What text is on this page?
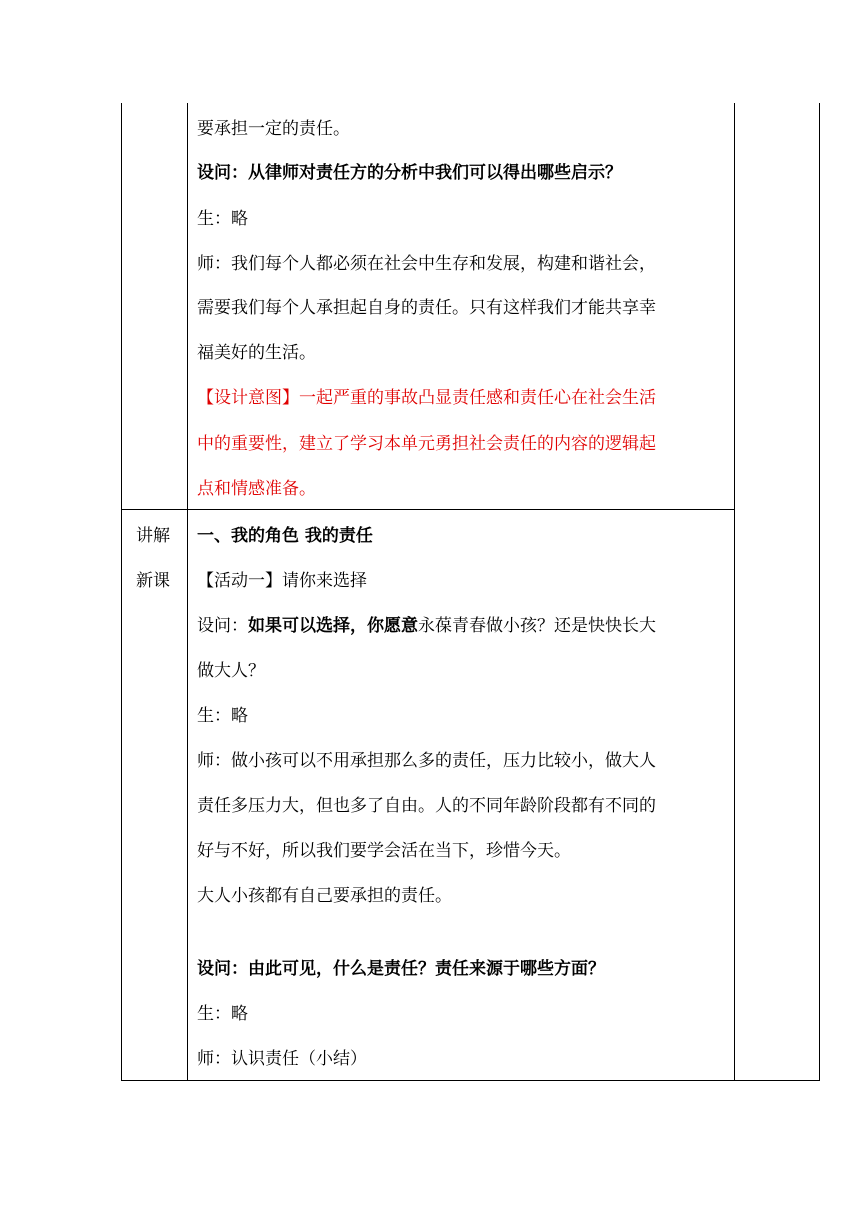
要承担一定的责任。
设问：从律师对责任方的分析中我们可以得出哪些启示？
生：略
师：我们每个人都必须在社会中生存和发展，构建和谐社会，
需要我们每个人承担起自身的责任。只有这样我们才能共享幸
福美好的生活。
【设计意图】一起严重的事故凸显责任感和责任心在社会生活
中的重要性，建立了学习本单元勇担社会责任的内容的逻辑起
点和情感准备。
讲解
新课
一、我的角色 我的责任
【活动一】请你来选择
设问：如果可以选择，你愿意永葆青春做小孩？还是快快长大
做大人？
生：略
师：做小孩可以不用承担那么多的责任，压力比较小，做大人
责任多压力大，但也多了自由。人的不同年龄阶段都有不同的
好与不好，所以我们要学会活在当下，珍惜今天。
大人小孩都有自己要承担的责任。
设问：由此可见，什么是责任？责任来源于哪些方面？
生：略
师：认识责任（小结）
